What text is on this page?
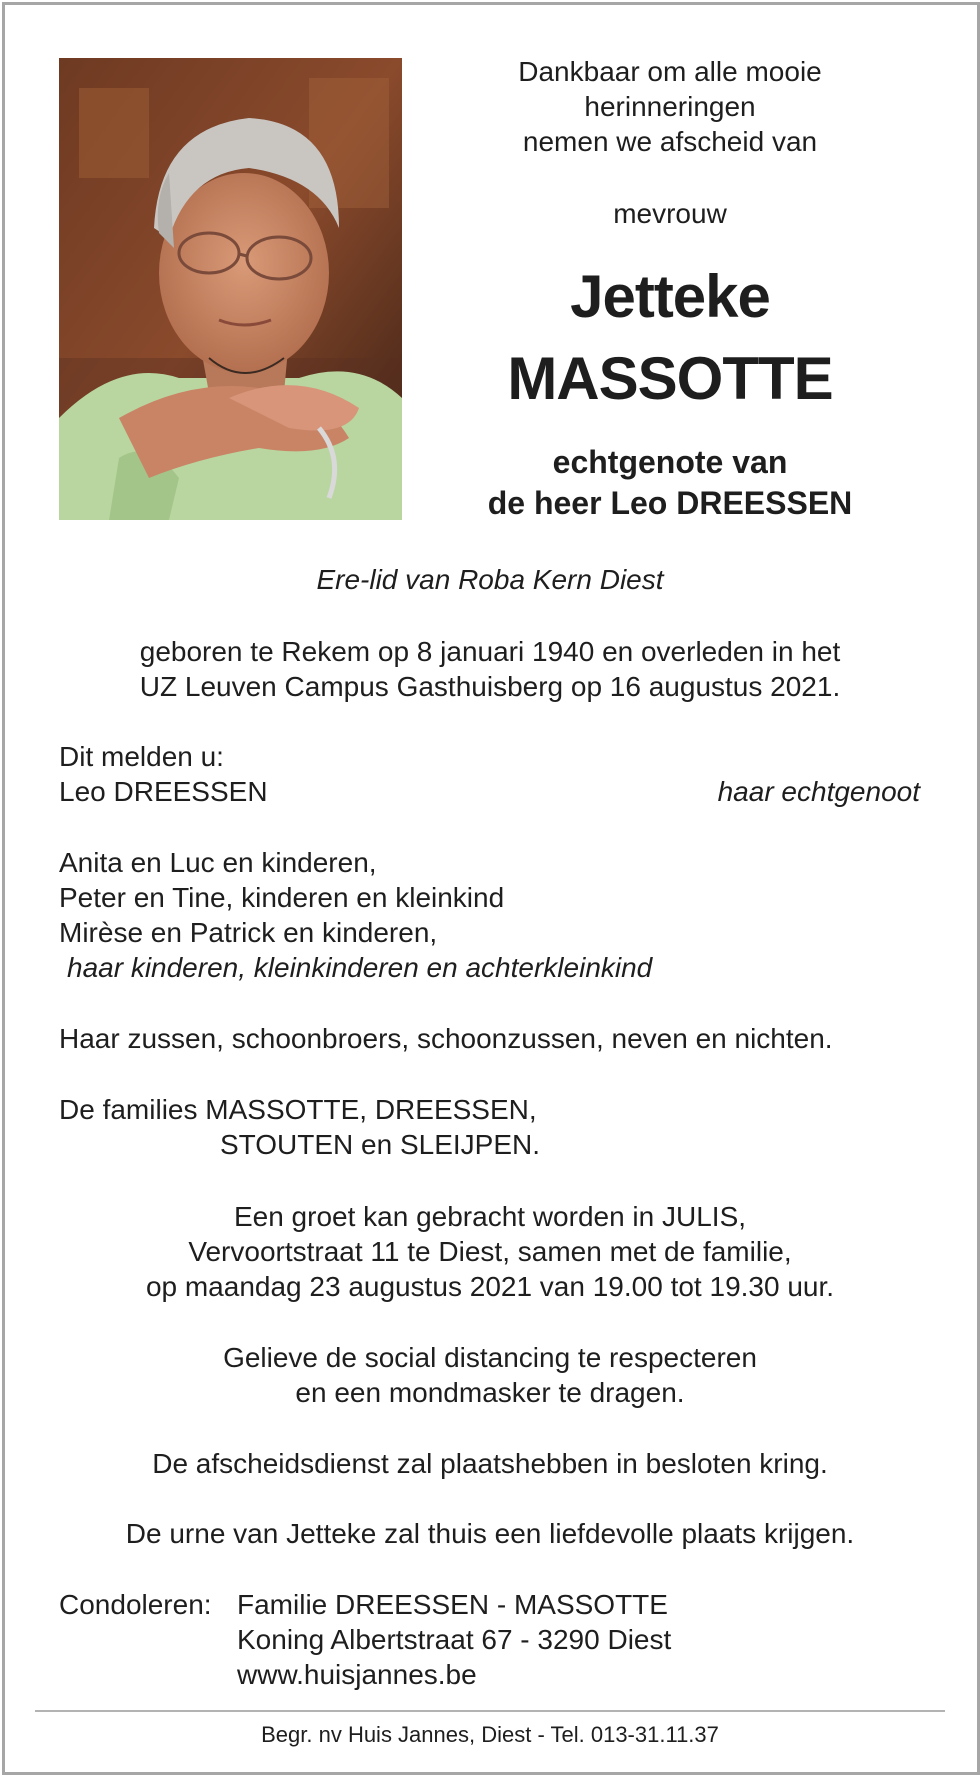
Dankbaar om alle mooie
herinneringen
nemen we afscheid van
mevrouw
Jetteke
MASSOTTE
echtgenote van
de heer Leo DREESSEN
Ere-lid van Roba Kern Diest
geboren te Rekem op 8 januari 1940 en overleden in het
UZ Leuven Campus Gasthuisberg op 16 augustus 2021.
Dit melden u:
Leo DREESSEN	haar echtgenoot
Anita en Luc en kinderen,
Peter en Tine, kinderen en kleinkind
Mirèse en Patrick en kinderen,
haar kinderen, kleinkinderen en achterkleinkind
Haar zussen, schoonbroers, schoonzussen, neven en nichten.
De families MASSOTTE, DREESSEN,
STOUTEN en SLEIJPEN.
Een groet kan gebracht worden in JULIS,
Vervoortstraat 11 te Diest, samen met de familie,
op maandag 23 augustus 2021 van 19.00 tot 19.30 uur.
Gelieve de social distancing te respecteren
en een mondmasker te dragen.
De afscheidsdienst zal plaatshebben in besloten kring.
De urne van Jetteke zal thuis een liefdevolle plaats krijgen.
Condoleren: Familie DREESSEN - MASSOTTE
Koning Albertstraat 67 - 3290 Diest
www.huisjannes.be
Begr. nv Huis Jannes, Diest - Tel. 013-31.11.37
